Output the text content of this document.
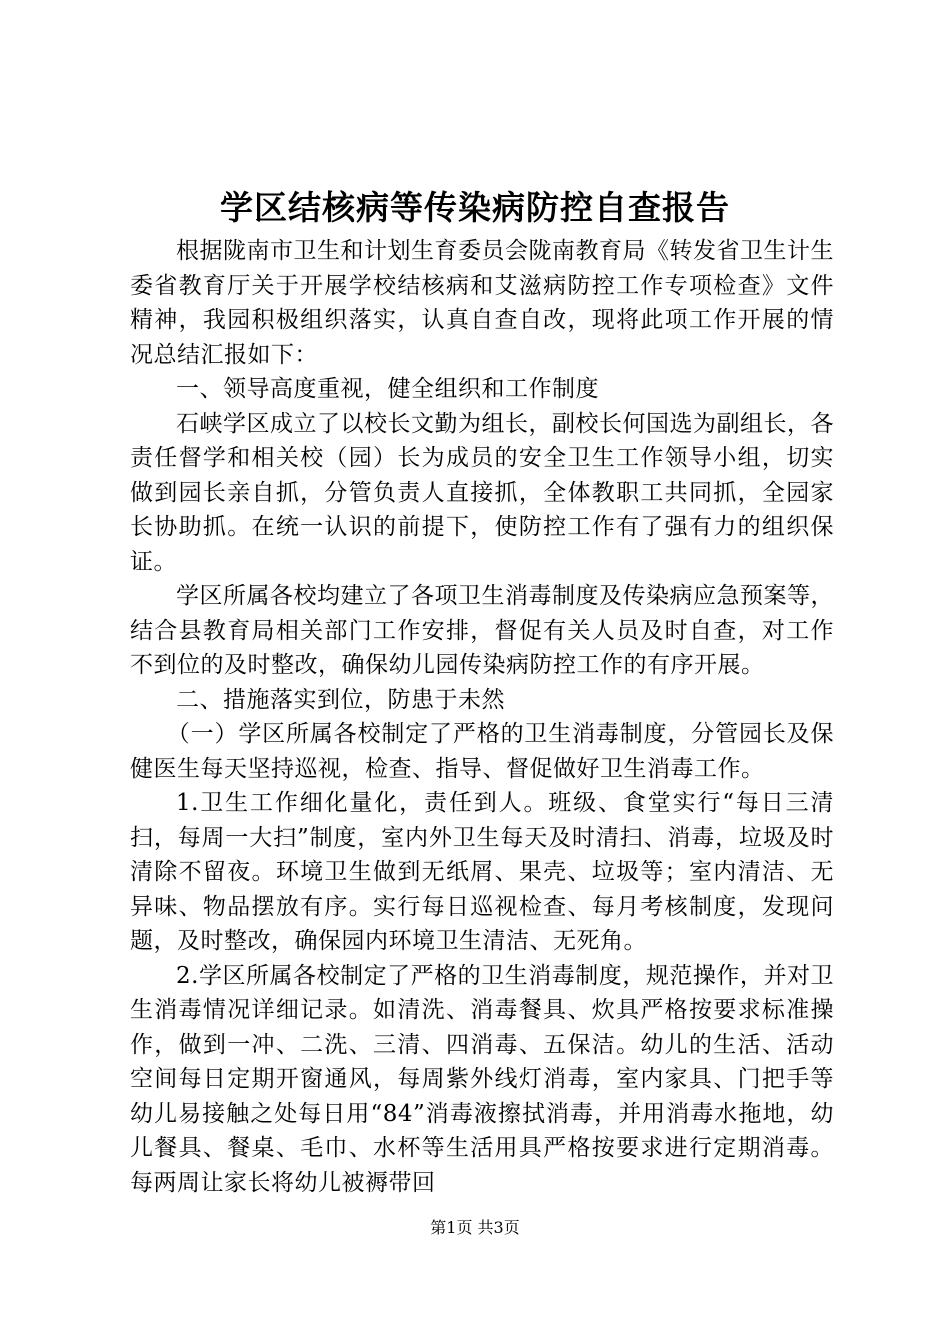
学区结核病等传染病防控自查报告

根据陇南市卫生和计划生育委员会陇南教育局《转发省卫生计生委省教育厅关于开展学校结核病和艾滋病防控工作专项检查》文件精神，我园积极组织落实，认真自查自改，现将此项工作开展的情况总结汇报如下：

一、领导高度重视，健全组织和工作制度

石峡学区成立了以校长文勤为组长，副校长何国选为副组长，各责任督学和相关校（园）长为成员的安全卫生工作领导小组，切实做到园长亲自抓，分管负责人直接抓，全体教职工共同抓，全园家长协助抓。在统一认识的前提下，使防控工作有了强有力的组织保证。

学区所属各校均建立了各项卫生消毒制度及传染病应急预案等，结合县教育局相关部门工作安排，督促有关人员及时自查，对工作不到位的及时整改，确保幼儿园传染病防控工作的有序开展。

二、措施落实到位，防患于未然

（一）学区所属各校制定了严格的卫生消毒制度，分管园长及保健医生每天坚持巡视，检查、指导、督促做好卫生消毒工作。

1.卫生工作细化量化，责任到人。班级、食堂实行“每日三清扫，每周一大扫”制度，室内外卫生每天及时清扫、消毒，垃圾及时清除不留夜。环境卫生做到无纸屑、果壳、垃圾等；室内清洁、无异味、物品摆放有序。实行每日巡视检查、每月考核制度，发现问题，及时整改，确保园内环境卫生清洁、无死角。

2.学区所属各校制定了严格的卫生消毒制度，规范操作，并对卫生消毒情况详细记录。如清洗、消毒餐具、炊具严格按要求标准操作，做到一冲、二洗、三清、四消毒、五保洁。幼儿的生活、活动空间每日定期开窗通风，每周紫外线灯消毒，室内家具、门把手等幼儿易接触之处每日用“84”消毒液擦拭消毒，并用消毒水拖地，幼儿餐具、餐桌、毛巾、水杯等生活用具严格按要求进行定期消毒。每两周让家长将幼儿被褥带回

第1页 共3页
